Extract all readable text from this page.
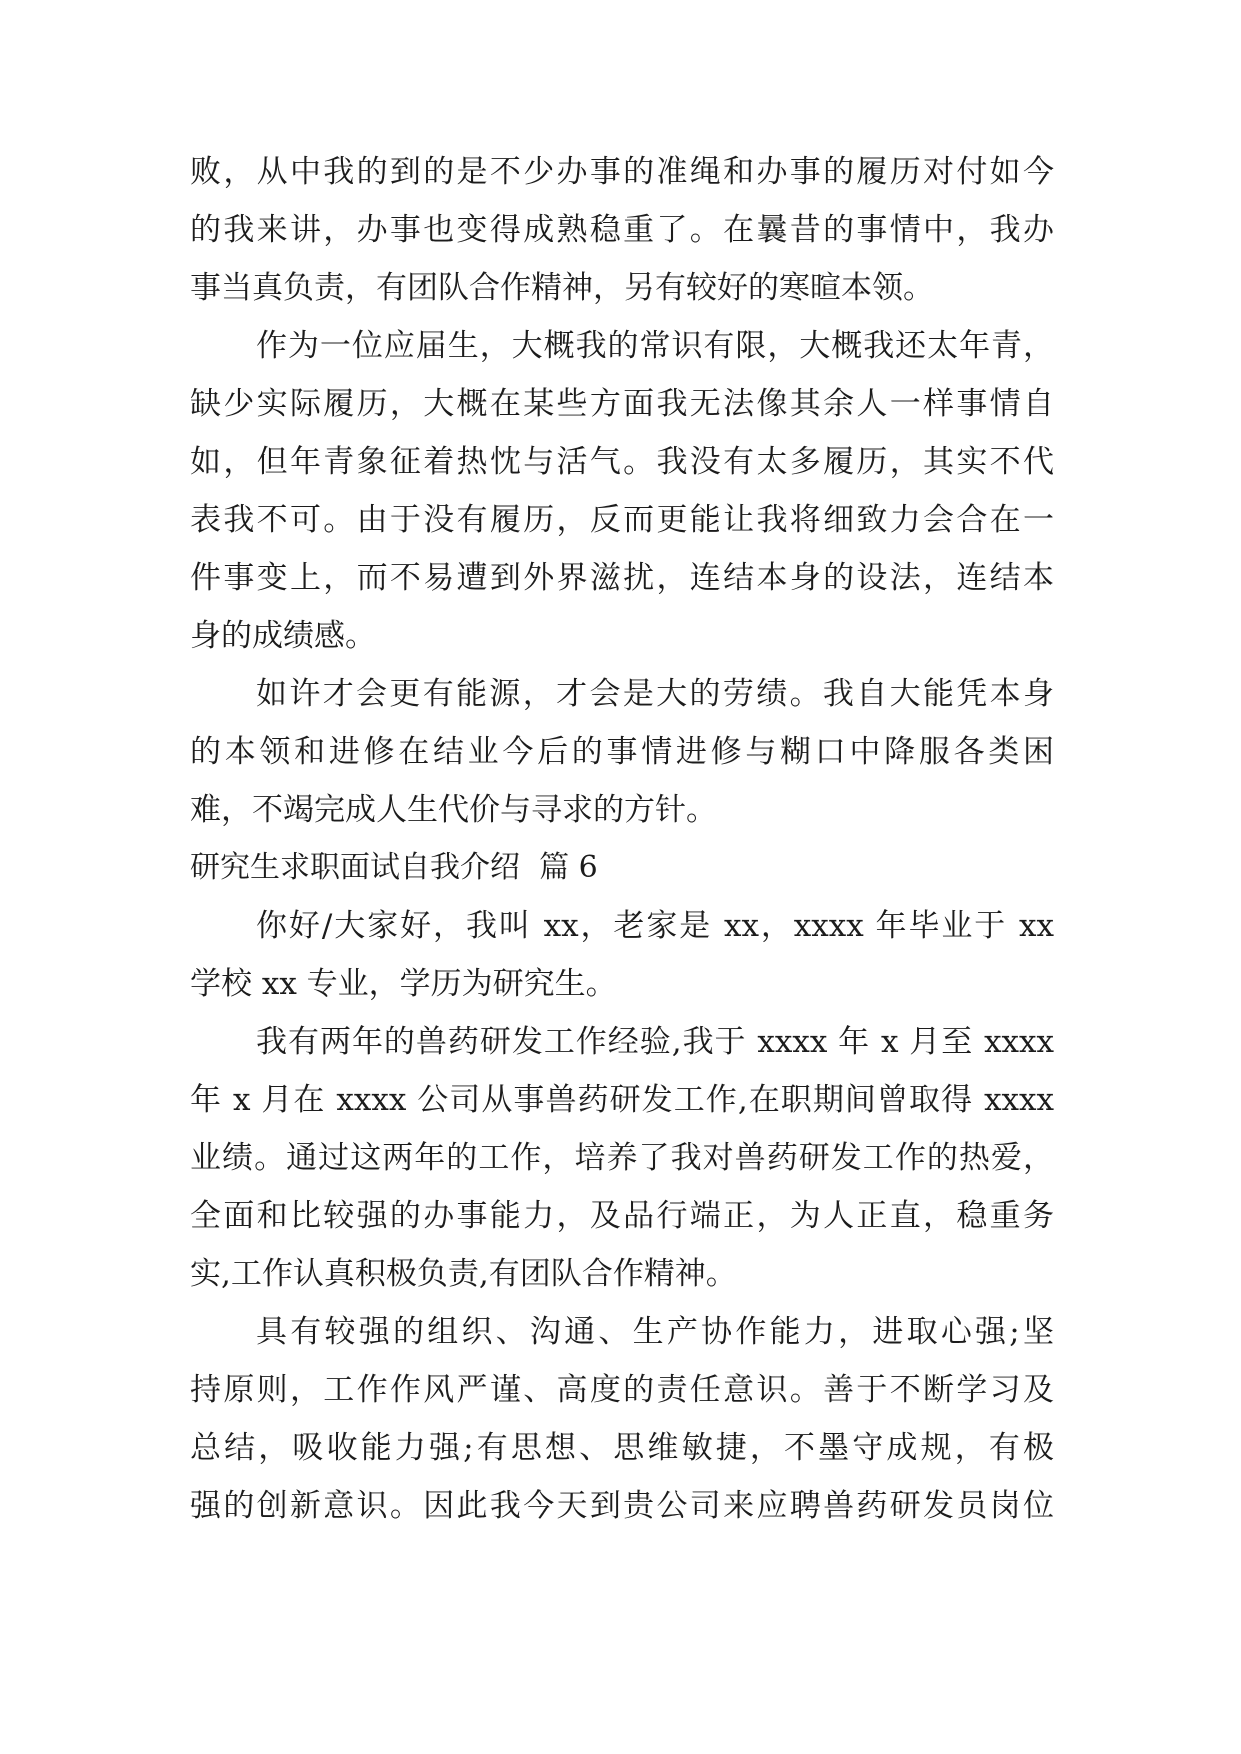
败，从中我的到的是不少办事的准绳和办事的履历对付如今
的我来讲，办事也变得成熟稳重了。在曩昔的事情中，我办
事当真负责，有团队合作精神，另有较好的寒暄本领。
作为一位应届生，大概我的常识有限，大概我还太年青，
缺少实际履历，大概在某些方面我无法像其余人一样事情自
如，但年青象征着热忱与活气。我没有太多履历，其实不代
表我不可。由于没有履历，反而更能让我将细致力会合在一
件事变上，而不易遭到外界滋扰，连结本身的设法，连结本
身的成绩感。
如许才会更有能源，才会是大的劳绩。我自大能凭本身
的本领和进修在结业今后的事情进修与糊口中降服各类困
难，不竭完成人生代价与寻求的方针。
研究生求职面试自我介绍  篇 6
你好/大家好，我叫 xx，老家是 xx，xxxx 年毕业于 xx
学校 xx 专业，学历为研究生。
我有两年的兽药研发工作经验,我于 xxxx 年 x 月至 xxxx
年 x 月在 xxxx 公司从事兽药研发工作,在职期间曾取得 xxxx
业绩。通过这两年的工作，培养了我对兽药研发工作的热爱，
全面和比较强的办事能力，及品行端正，为人正直，稳重务
实,工作认真积极负责,有团队合作精神。
具有较强的组织、沟通、生产协作能力，进取心强;坚
持原则，工作作风严谨、高度的责任意识。善于不断学习及
总结，吸收能力强;有思想、思维敏捷，不墨守成规，有极
强的创新意识。因此我今天到贵公司来应聘兽药研发员岗位
